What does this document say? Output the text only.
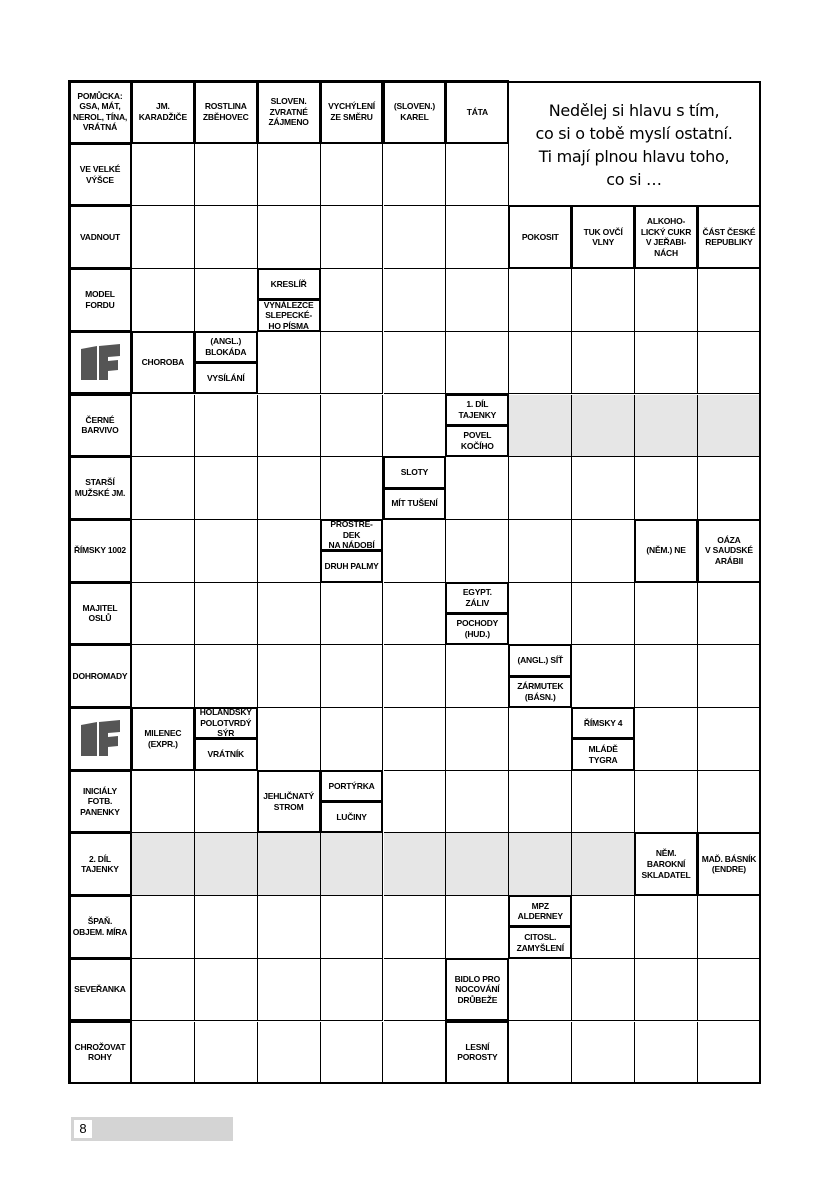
Nedělej si hlavu s tím,
co si o tobě myslí ostatní.
Ti mají plnou hlavu toho,
co si …
POMŮCKA:
GSA, MÁT,
NEROL, TÍNA,
VRÁTNÁ
JM.
KARADŽIČE
ROSTLINA
ZBĚHOVEC
SLOVEN.
ZVRATNÉ
ZÁJMENO
VYCHÝLENÍ
ZE SMĚRU
(SLOVEN.)
KAREL
TÁTA
VE VELKÉ
VÝŠCE
VADNOUT	POKOSIT
TUK OVČÍ
VLNY
ALKOHO-
LICKÝ CUKR
V JEŘABI-
NÁCH
ČÁST ČESKÉ
REPUBLIKY
MODEL
FORDU
KRESLÍŘ
VYNÁLEZCE
SLEPECKÉ-
HO PÍSMA
CHOROBA
(ANGL.)
BLOKÁDA
VYSÍLÁNÍ
ČERNÉ
BARVIVO
1. DÍL
TAJENKY
POVEL
KOČÍHO
STARŠÍ
MUŽSKÉ JM.
SLOTY
MÍT TUŠENÍ
ŘÍMSKY 1002
PROSTŘE-
DEK
NA NÁDOBÍ
DRUH PALMY
(NĚM.) NE
OÁZA
V SAUDSKÉ
ARÁBII
MAJITEL
OSLŮ
EGYPT.
ZÁLIV
POCHODY
(HUD.)
DOHROMADY
(ANGL.) SÍŤ
ZÁRMUTEK
(BÁSN.)
MILENEC
(EXPR.)
HOLANDSKÝ
POLOTVRDÝ
SÝR
VRÁTNÍK
ŘÍMSKY 4
MLÁDĚ
TYGRA
INICIÁLY
FOTB.
PANENKY
JEHLIČNATÝ
STROM
PORTÝRKA
LUČINY
2. DÍL
TAJENKY
NĚM.
BAROKNÍ
SKLADATEL
MAĎ. BÁSNÍK
(ENDRE)
ŠPAŇ.
OBJEM. MÍRA
MPZ
ALDERNEY
CITOSL.
ZAMYŠLENÍ
SEVEŘANKA
BIDLO PRO
NOCOVÁNÍ
DRŮBEŽE
CHROŽOVAT
ROHY
LESNÍ
POROSTY
8
